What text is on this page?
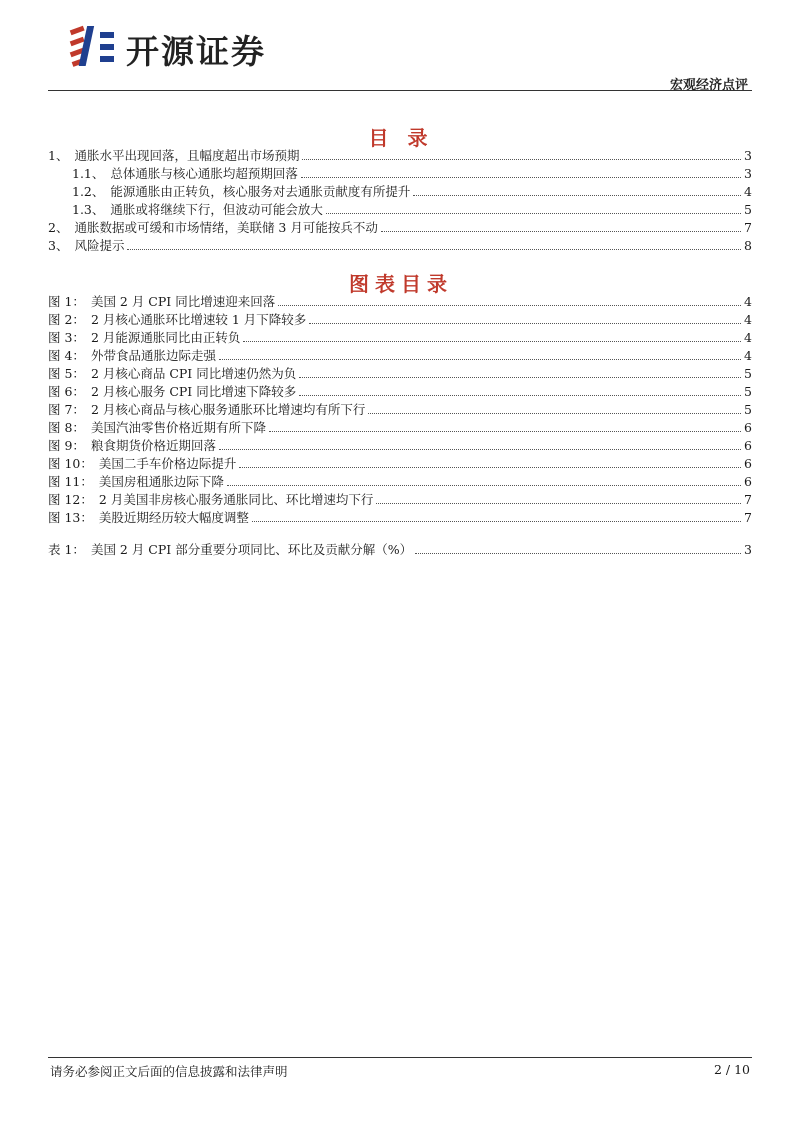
开源证券
宏观经济点评
目 录
1、 通胀水平出现回落，且幅度超出市场预期	3
1.1、 总体通胀与核心通胀均超预期回落	3
1.2、 能源通胀由正转负，核心服务对去通胀贡献度有所提升	4
1.3、 通胀或将继续下行，但波动可能会放大	5
2、 通胀数据或可缓和市场情绪，美联储 3 月可能按兵不动	7
3、 风险提示	8
图表目录
图 1： 美国 2 月 CPI 同比增速迎来回落	4
图 2： 2 月核心通胀环比增速较 1 月下降较多	4
图 3： 2 月能源通胀同比由正转负	4
图 4： 外带食品通胀边际走强	4
图 5： 2 月核心商品 CPI 同比增速仍然为负	5
图 6： 2 月核心服务 CPI 同比增速下降较多	5
图 7： 2 月核心商品与核心服务通胀环比增速均有所下行	5
图 8： 美国汽油零售价格近期有所下降	6
图 9： 粮食期货价格近期回落	6
图 10： 美国二手车价格边际提升	6
图 11： 美国房租通胀边际下降	6
图 12： 2 月美国非房核心服务通胀同比、环比增速均下行	7
图 13： 美股近期经历较大幅度调整	7
表 1： 美国 2 月 CPI 部分重要分项同比、环比及贡献分解（%）	3
请务必参阅正文后面的信息披露和法律声明	2 / 10
